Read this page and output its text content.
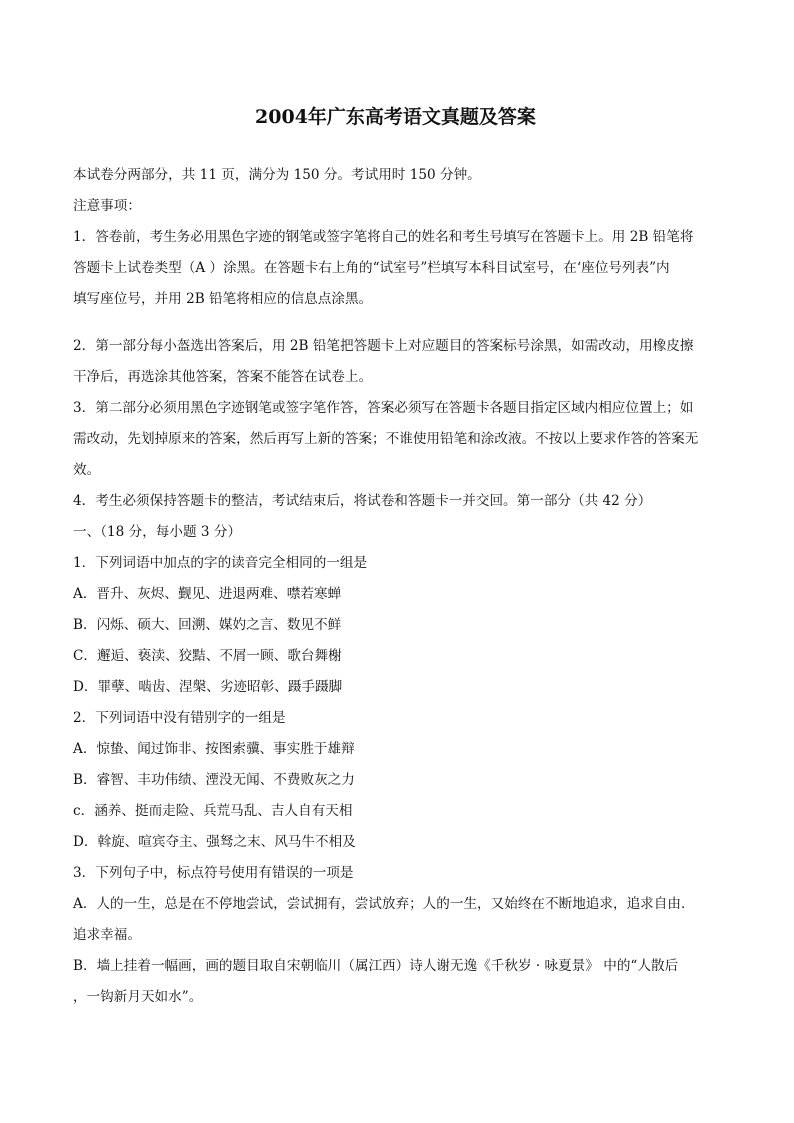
2004年广东高考语文真题及答案

本试卷分两部分，共 11 页，满分为 150 分。考试用时 150 分钟。

注意事项：

1．答卷前，考生务必用黑色字迹的钢笔或签字笔将自己的姓名和考生号填写在答题卡上。用 2B 铅笔将

答题卡上试卷类型（A ）涂黑。在答题卡右上角的“试室号”栏填写本科目试室号，在‘座位号列表”内

填写座位号，并用 2B 铅笔将相应的信息点涂黑。

2．第一部分每小盔选出答案后，用 2B 铅笔把答题卡上对应题目的答案标号涂黑，如需改动，用橡皮擦

干净后，再选涂其他答案，答案不能答在试卷上。

3．第二部分必须用黑色字迹钢笔或签字笔作答，答案必须写在答题卡各题目指定区域内相应位置上；如

需改动，先划掉原来的答案，然后再写上新的答案；不谁使用铅笔和涂改液。不按以上要求作答的答案无

效。

4．考生必须保持答题卡的整洁，考试结束后，将试卷和答题卡一并交回。第一部分（共 42 分）

一、（18 分，每小题 3 分）

1．下列词语中加点的字的读音完全相同的一组是

A．晋升、灰烬、觐见、进退两难、噤若寒蝉

B．闪烁、硕大、回溯、媒妁之言、数见不鲜

C．邂逅、亵渎、狡黠、不屑一顾、歌台舞榭

D．罪孽、啮齿、涅槃、劣迹昭彰、蹑手蹑脚

2．下列词语中没有错别字的一组是

A．惊蛰、闻过饰非、按图索骥、事实胜于雄辩

B．睿智、丰功伟绩、湮没无闻、不费败灰之力

c．涵养、挺而走险、兵荒马乱、吉人自有天相

D．斡旋、喧宾夺主、强驽之末、风马牛不相及

3．下列句子中，标点符号使用有错误的一项是

A．人的一生，总是在不停地尝试，尝试拥有，尝试放弃；人的一生，又始终在不断地追求，追求自由．

追求幸福。

B．墙上挂着一幅画，画的题目取自宋朝临川（属江西）诗人谢无逸《千秋岁 · 咏夏景》 中的“人散后

，一钩新月天如水”。
